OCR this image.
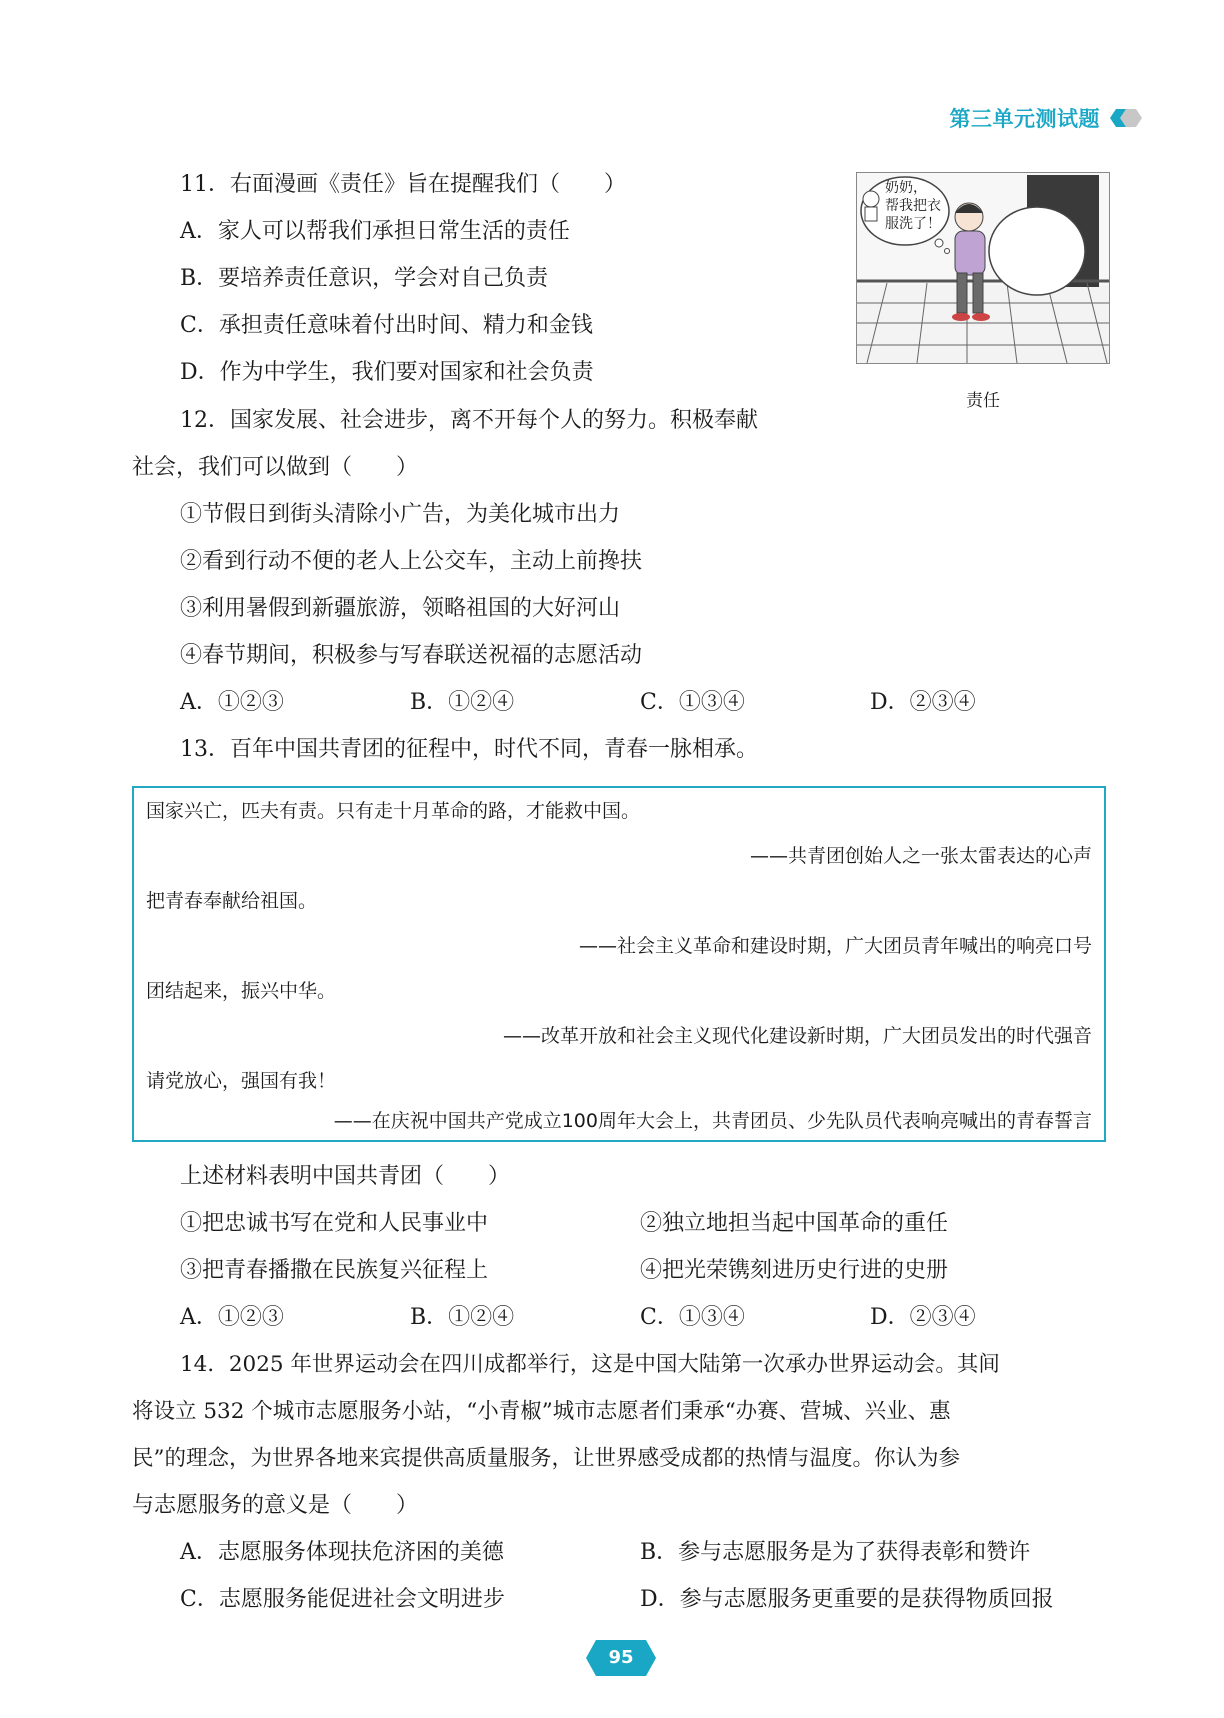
第三单元测试题
11．右面漫画《责任》旨在提醒我们（　　）
A．家人可以帮我们承担日常生活的责任
B．要培养责任意识，学会对自己负责
C．承担责任意味着付出时间、精力和金钱
D．作为中学生，我们要对国家和社会负责
奶奶，
帮我把衣
服洗了！
责任
12．国家发展、社会进步，离不开每个人的努力。积极奉献
社会，我们可以做到（　　）
①节假日到街头清除小广告，为美化城市出力
②看到行动不便的老人上公交车，主动上前搀扶
③利用暑假到新疆旅游，领略祖国的大好河山
④春节期间，积极参与写春联送祝福的志愿活动
A．①②③	B．①②④	C．①③④	D．②③④
13．百年中国共青团的征程中，时代不同，青春一脉相承。
国家兴亡，匹夫有责。只有走十月革命的路，才能救中国。
——共青团创始人之一张太雷表达的心声
把青春奉献给祖国。
——社会主义革命和建设时期，广大团员青年喊出的响亮口号
团结起来，振兴中华。
——改革开放和社会主义现代化建设新时期，广大团员发出的时代强音
请党放心，强国有我！
——在庆祝中国共产党成立100周年大会上，共青团员、少先队员代表响亮喊出的青春誓言
上述材料表明中国共青团（　　）
①把忠诚书写在党和人民事业中	②独立地担当起中国革命的重任
③把青春播撒在民族复兴征程上	④把光荣镌刻进历史行进的史册
A．①②③	B．①②④	C．①③④	D．②③④
14．2025 年世界运动会在四川成都举行，这是中国大陆第一次承办世界运动会。其间
将设立 532 个城市志愿服务小站，“小青椒”城市志愿者们秉承“办赛、营城、兴业、惠
民”的理念，为世界各地来宾提供高质量服务，让世界感受成都的热情与温度。你认为参
与志愿服务的意义是（　　）
A．志愿服务体现扶危济困的美德	B．参与志愿服务是为了获得表彰和赞许
C．志愿服务能促进社会文明进步	D．参与志愿服务更重要的是获得物质回报
95
